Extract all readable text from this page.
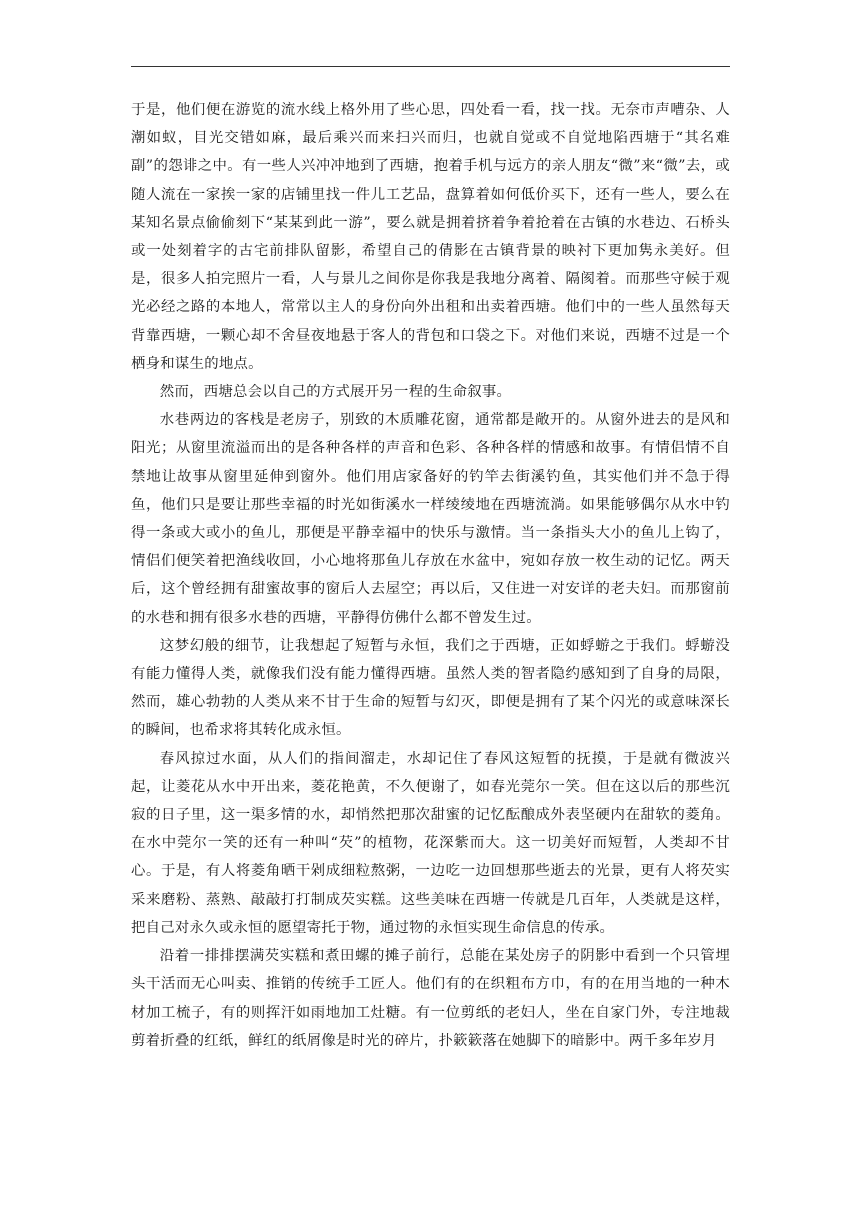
于是，他们便在游览的流水线上格外用了些心思，四处看一看，找一找。无奈市声嘈杂、人潮如蚁，目光交错如麻，最后乘兴而来扫兴而归，也就自觉或不自觉地陷西塘于“其名难副”的怨诽之中。有一些人兴冲冲地到了西塘，抱着手机与远方的亲人朋友“微”来“微”去，或随人流在一家挨一家的店铺里找一件儿工艺品，盘算着如何低价买下，还有一些人，要么在某知名景点偷偷刻下“某某到此一游”，要么就是拥着挤着争着抢着在古镇的水巷边、石桥头或一处刻着字的古宅前排队留影，希望自己的倩影在古镇背景的映衬下更加隽永美好。但是，很多人拍完照片一看，人与景儿之间你是你我是我地分离着、隔阂着。而那些守候于观光必经之路的本地人，常常以主人的身份向外出租和出卖着西塘。他们中的一些人虽然每天背靠西塘，一颗心却不舍昼夜地悬于客人的背包和口袋之下。对他们来说，西塘不过是一个栖身和谋生的地点。

然而，西塘总会以自己的方式展开另一程的生命叙事。

水巷两边的客栈是老房子，别致的木质雕花窗，通常都是敞开的。从窗外进去的是风和阳光；从窗里流溢而出的是各种各样的声音和色彩、各种各样的情感和故事。有情侣情不自禁地让故事从窗里延伸到窗外。他们用店家备好的钓竿去街溪钓鱼，其实他们并不急于得鱼，他们只是要让那些幸福的时光如街溪水一样绫绫地在西塘流淌。如果能够偶尔从水中钓得一条或大或小的鱼儿，那便是平静幸福中的快乐与激情。当一条指头大小的鱼儿上钩了，情侣们便笑着把渔线收回，小心地将那鱼儿存放在水盆中，宛如存放一枚生动的记忆。两天后，这个曾经拥有甜蜜故事的窗后人去屋空；再以后，又住进一对安详的老夫妇。而那窗前的水巷和拥有很多水巷的西塘，平静得仿佛什么都不曾发生过。

这梦幻般的细节，让我想起了短暂与永恒，我们之于西塘，正如蜉蝣之于我们。蜉蝣没有能力懂得人类，就像我们没有能力懂得西塘。虽然人类的智者隐约感知到了自身的局限，然而，雄心勃勃的人类从来不甘于生命的短暂与幻灭，即便是拥有了某个闪光的或意味深长的瞬间，也希求将其转化成永恒。

春风掠过水面，从人们的指间溜走，水却记住了春风这短暂的抚摸，于是就有微波兴起，让菱花从水中开出来，菱花艳黄，不久便谢了，如春光莞尔一笑。但在这以后的那些沉寂的日子里，这一渠多情的水，却悄然把那次甜蜜的记忆酝酿成外表坚硬内在甜软的菱角。在水中莞尔一笑的还有一种叫“芡”的植物，花深紫而大。这一切美好而短暂，人类却不甘心。于是，有人将菱角晒干剁成细粒熬粥，一边吃一边回想那些逝去的光景，更有人将芡实采来磨粉、蒸熟、敲敲打打制成芡实糕。这些美味在西塘一传就是几百年，人类就是这样，把自己对永久或永恒的愿望寄托于物，通过物的永恒实现生命信息的传承。

沿着一排排摆满芡实糕和煮田螺的摊子前行，总能在某处房子的阴影中看到一个只管埋头干活而无心叫卖、推销的传统手工匠人。他们有的在织粗布方巾，有的在用当地的一种木材加工梳子，有的则挥汗如雨地加工灶糖。有一位剪纸的老妇人，坐在自家门外，专注地裁剪着折叠的红纸，鲜红的纸屑像是时光的碎片，扑簌簌落在她脚下的暗影中。两千多年岁月
